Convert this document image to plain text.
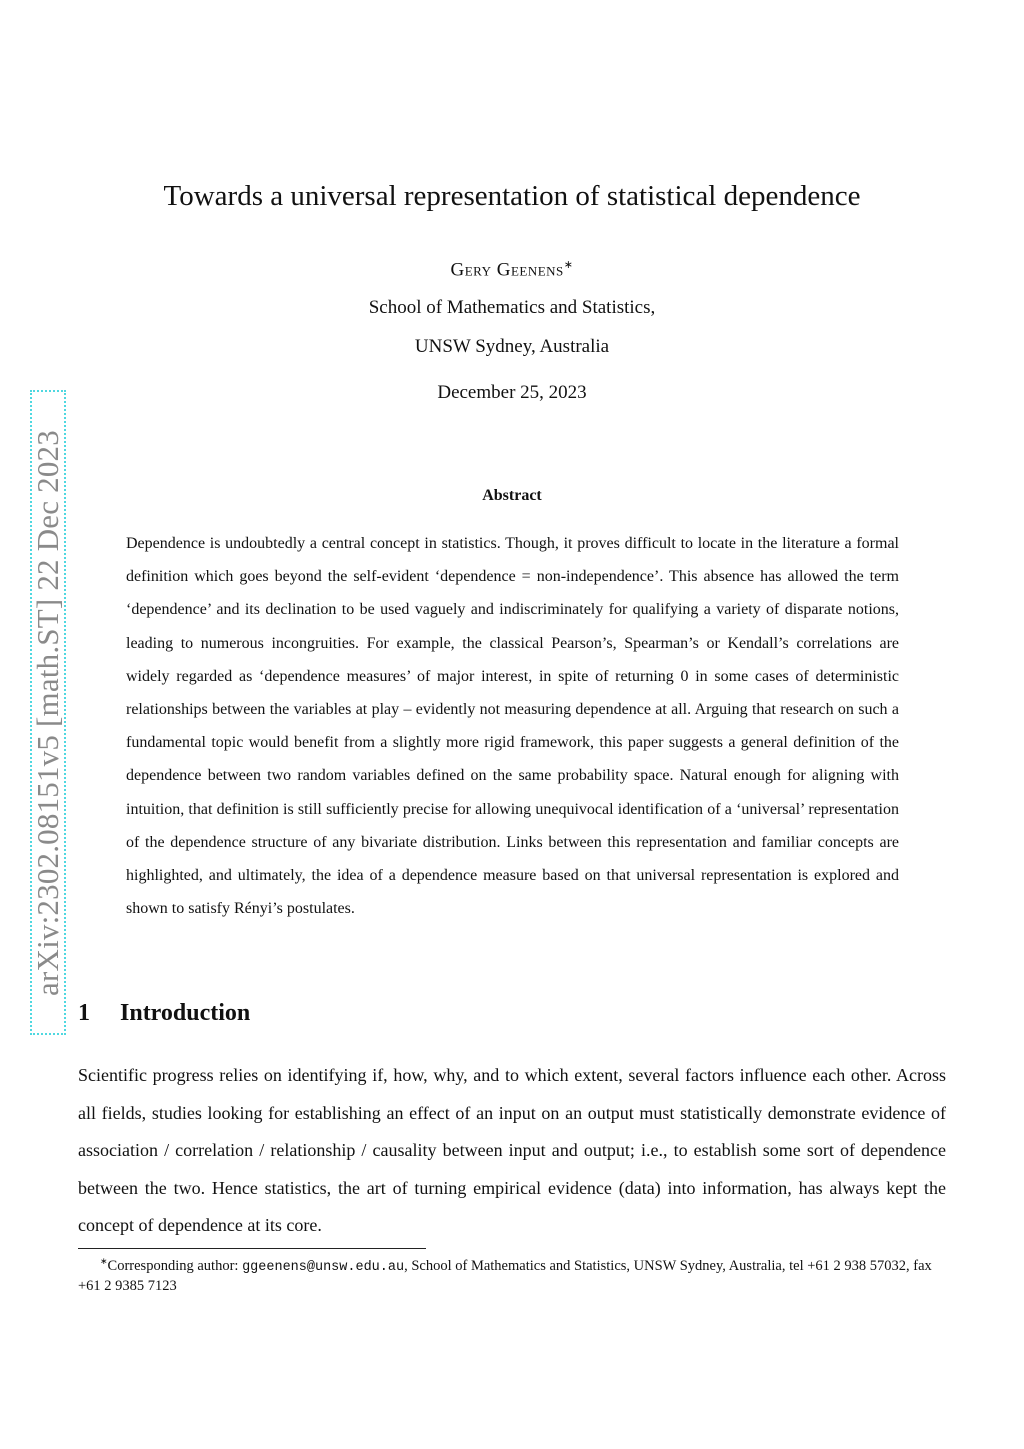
arXiv:2302.08151v5 [math.ST] 22 Dec 2023
Towards a universal representation of statistical dependence
Gery Geenens∗
School of Mathematics and Statistics,
UNSW Sydney, Australia
December 25, 2023
Abstract

Dependence is undoubtedly a central concept in statistics. Though, it proves difficult to locate in the literature a formal definition which goes beyond the self-evident ‘dependence = non-independence’. This absence has allowed the term ‘dependence’ and its declination to be used vaguely and indiscriminately for qualifying a variety of disparate notions, leading to numerous incongruities. For example, the classical Pearson’s, Spearman’s or Kendall’s correlations are widely regarded as ‘dependence measures’ of major interest, in spite of returning 0 in some cases of deterministic relationships between the variables at play – evidently not measuring dependence at all. Arguing that research on such a fundamental topic would benefit from a slightly more rigid framework, this paper suggests a general definition of the dependence between two random variables defined on the same probability space. Natural enough for aligning with intuition, that definition is still sufficiently precise for allowing unequivocal identification of a ‘universal’ representation of the dependence structure of any bivariate distribution. Links between this representation and familiar concepts are highlighted, and ultimately, the idea of a dependence measure based on that universal representation is explored and shown to satisfy Rényi’s postulates.

1 Introduction

Scientific progress relies on identifying if, how, why, and to which extent, several factors influence each other. Across all fields, studies looking for establishing an effect of an input on an output must statistically demonstrate evidence of association / correlation / relationship / causality between input and output; i.e., to establish some sort of dependence between the two. Hence statistics, the art of turning empirical evidence (data) into information, has always kept the concept of dependence at its core.

∗Corresponding author: ggeenens@unsw.edu.au, School of Mathematics and Statistics, UNSW Sydney, Australia, tel +61 2 938 57032, fax +61 2 9385 7123
